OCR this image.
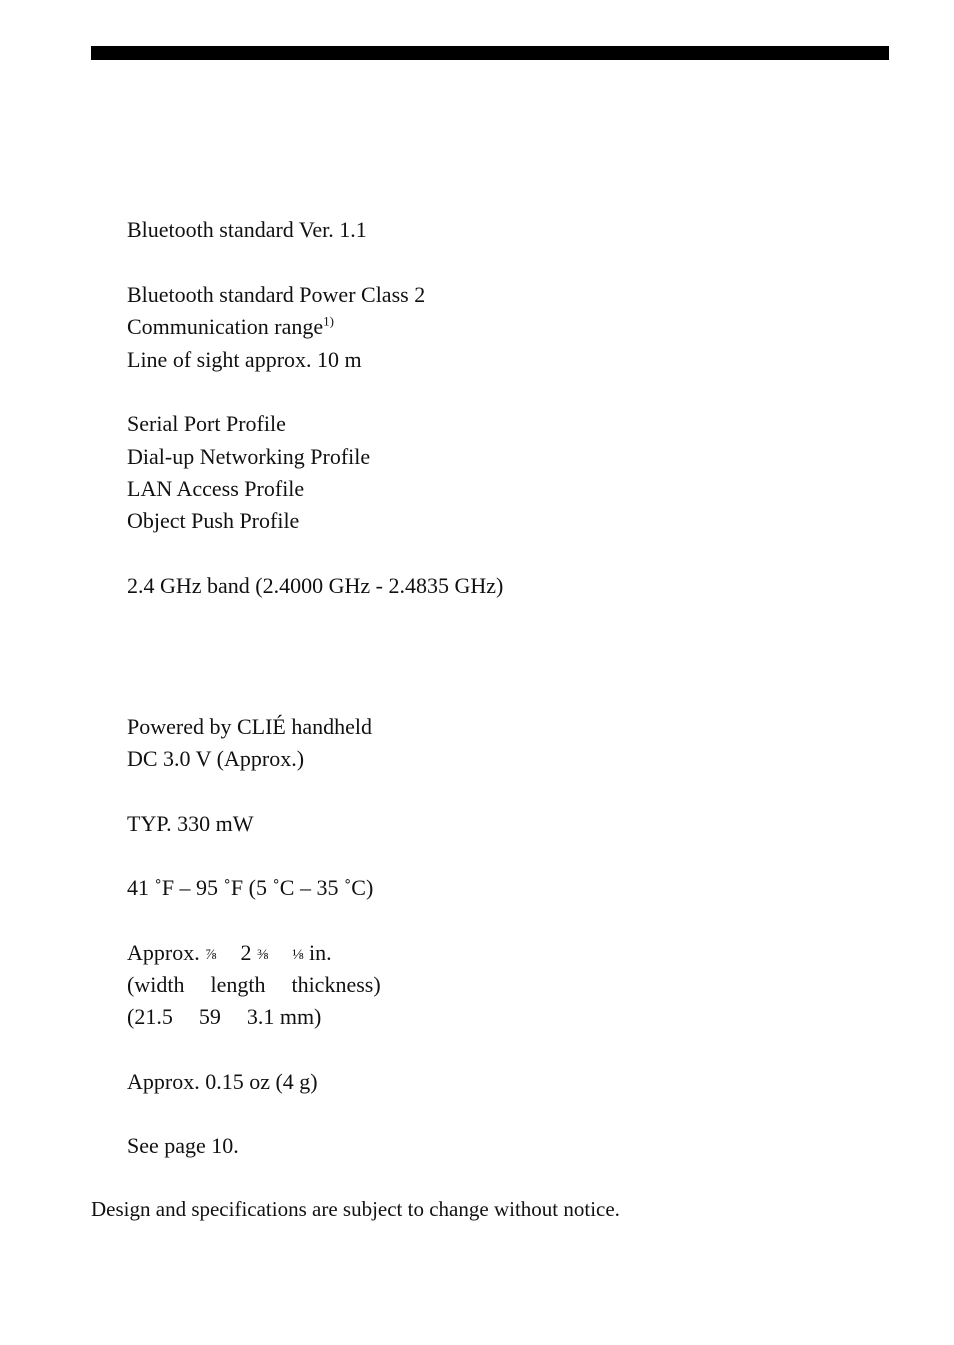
Bluetooth standard Ver. 1.1
Bluetooth standard Power Class 2
Communication range$^{1)}$
Line of sight approx. 10 m
Serial Port Profile
Dial-up Networking Profile
LAN Access Profile
Object Push Profile
2.4 GHz band (2.4000 GHz - 2.4835 GHz)
Powered by CLIÉ handheld
DC 3.0 V (Approx.)
TYP. 330 mW
41 ˚F – 95 ˚F (5 ˚C – 35 ˚C)
Approx. ⅞ 2 ⅜ ⅛ in.
(width length thickness)
(21.5 59 3.1 mm)
Approx. 0.15 oz (4 g)
See page 10.
Design and specifications are subject to change without notice.
